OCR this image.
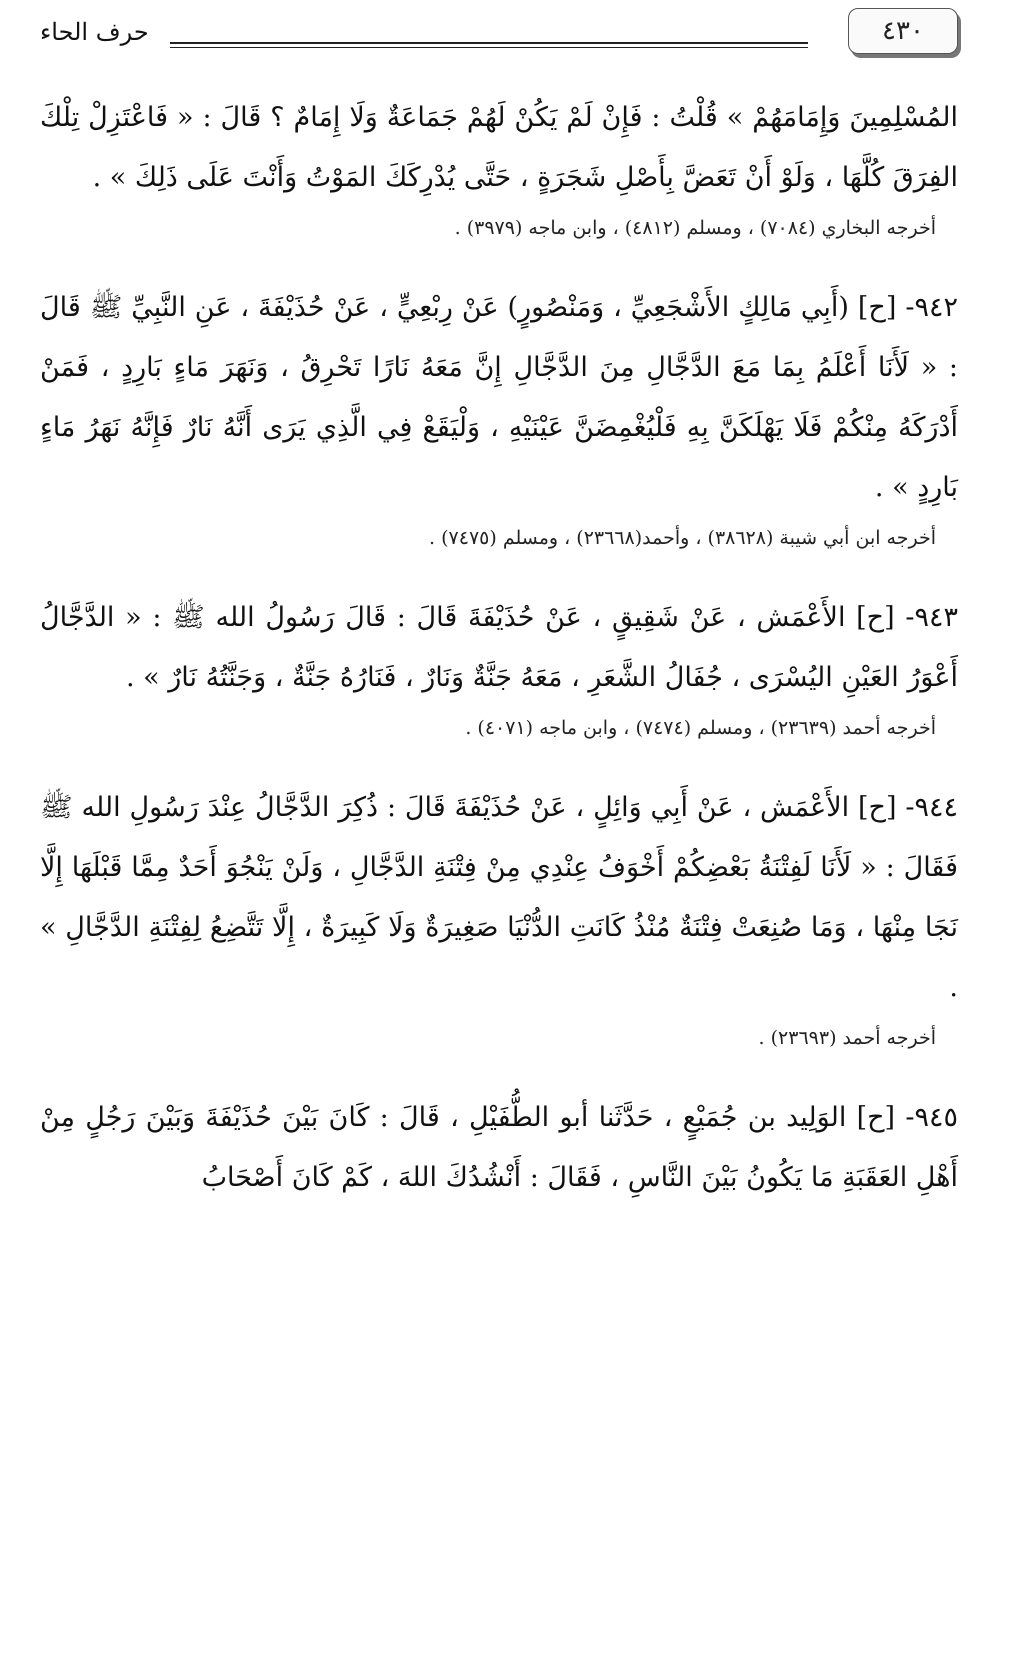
٤٣٠
حرف الحاء

المُسْلِمِينَ وَإِمَامَهُمْ » قُلْتُ : فَإِنْ لَمْ يَكُنْ لَهُمْ جَمَاعَةٌ وَلَا إِمَامٌ ؟ قَالَ : « فَاعْتَزِلْ تِلْكَ الفِرَقَ كُلَّهَا ، وَلَوْ أَنْ تَعَضَّ بِأَصْلِ شَجَرَةٍ ، حَتَّى يُدْرِكَكَ المَوْتُ وَأَنْتَ عَلَى ذَلِكَ » .

أخرجه البخاري (٧٠٨٤) ، ومسلم (٤٨١٢) ، وابن ماجه (٣٩٧٩) .

٩٤٢- [ح] (أَبِي مَالِكٍ الأَشْجَعِيِّ ، وَمَنْصُورٍ) عَنْ رِبْعِيٍّ ، عَنْ حُذَيْفَةَ ، عَنِ النَّبِيِّ ﷺ قَالَ : « لَأَنَا أَعْلَمُ بِمَا مَعَ الدَّجَّالِ مِنَ الدَّجَّالِ إِنَّ مَعَهُ نَارًا تَحْرِقُ ، وَنَهَرَ مَاءٍ بَارِدٍ ، فَمَنْ أَدْرَكَهُ مِنْكُمْ فَلَا يَهْلَكَنَّ بِهِ فَلْيُغْمِضَنَّ عَيْنَيْهِ ، وَلْيَقَعْ فِي الَّذِي يَرَى أَنَّهُ نَارٌ فَإِنَّهُ نَهَرُ مَاءٍ بَارِدٍ » .

أخرجه ابن أبي شيبة (٣٨٦٢٨) ، وأحمد(٢٣٦٦٨) ، ومسلم (٧٤٧٥) .

٩٤٣- [ح] الأَعْمَش ، عَنْ شَقِيقٍ ، عَنْ حُذَيْفَةَ قَالَ : قَالَ رَسُولُ الله ﷺ : « الدَّجَّالُ أَعْوَرُ العَيْنِ اليُسْرَى ، جُفَالُ الشَّعَرِ ، مَعَهُ جَنَّةٌ وَنَارٌ ، فَنَارُهُ جَنَّةٌ ، وَجَنَّتُهُ نَارٌ » .

أخرجه أحمد (٢٣٦٣٩) ، ومسلم (٧٤٧٤) ، وابن ماجه (٤٠٧١) .

٩٤٤- [ح] الأَعْمَش ، عَنْ أَبِي وَائِلٍ ، عَنْ حُذَيْفَةَ قَالَ : ذُكِرَ الدَّجَّالُ عِنْدَ رَسُولِ الله ﷺ فَقَالَ : « لَأَنَا لَفِتْنَةُ بَعْضِكُمْ أَخْوَفُ عِنْدِي مِنْ فِتْنَةِ الدَّجَّالِ ، وَلَنْ يَنْجُوَ أَحَدٌ مِمَّا قَبْلَهَا إِلَّا نَجَا مِنْهَا ، وَمَا صُنِعَتْ فِتْنَةٌ مُنْذُ كَانَتِ الدُّنْيَا صَغِيرَةٌ وَلَا كَبِيرَةٌ ، إِلَّا تَتَّضِعُ لِفِتْنَةِ الدَّجَّالِ » .

أخرجه أحمد (٢٣٦٩٣) .

٩٤٥- [ح] الوَلِيد بن جُمَيْعٍ ، حَدَّثَنا أبو الطُّفَيْلِ ، قَالَ : كَانَ بَيْنَ حُذَيْفَةَ وَبَيْنَ رَجُلٍ مِنْ أَهْلِ العَقَبَةِ مَا يَكُونُ بَيْنَ النَّاسِ ، فَقَالَ : أَنْشُدُكَ اللهَ ، كَمْ كَانَ أَصْحَابُ
